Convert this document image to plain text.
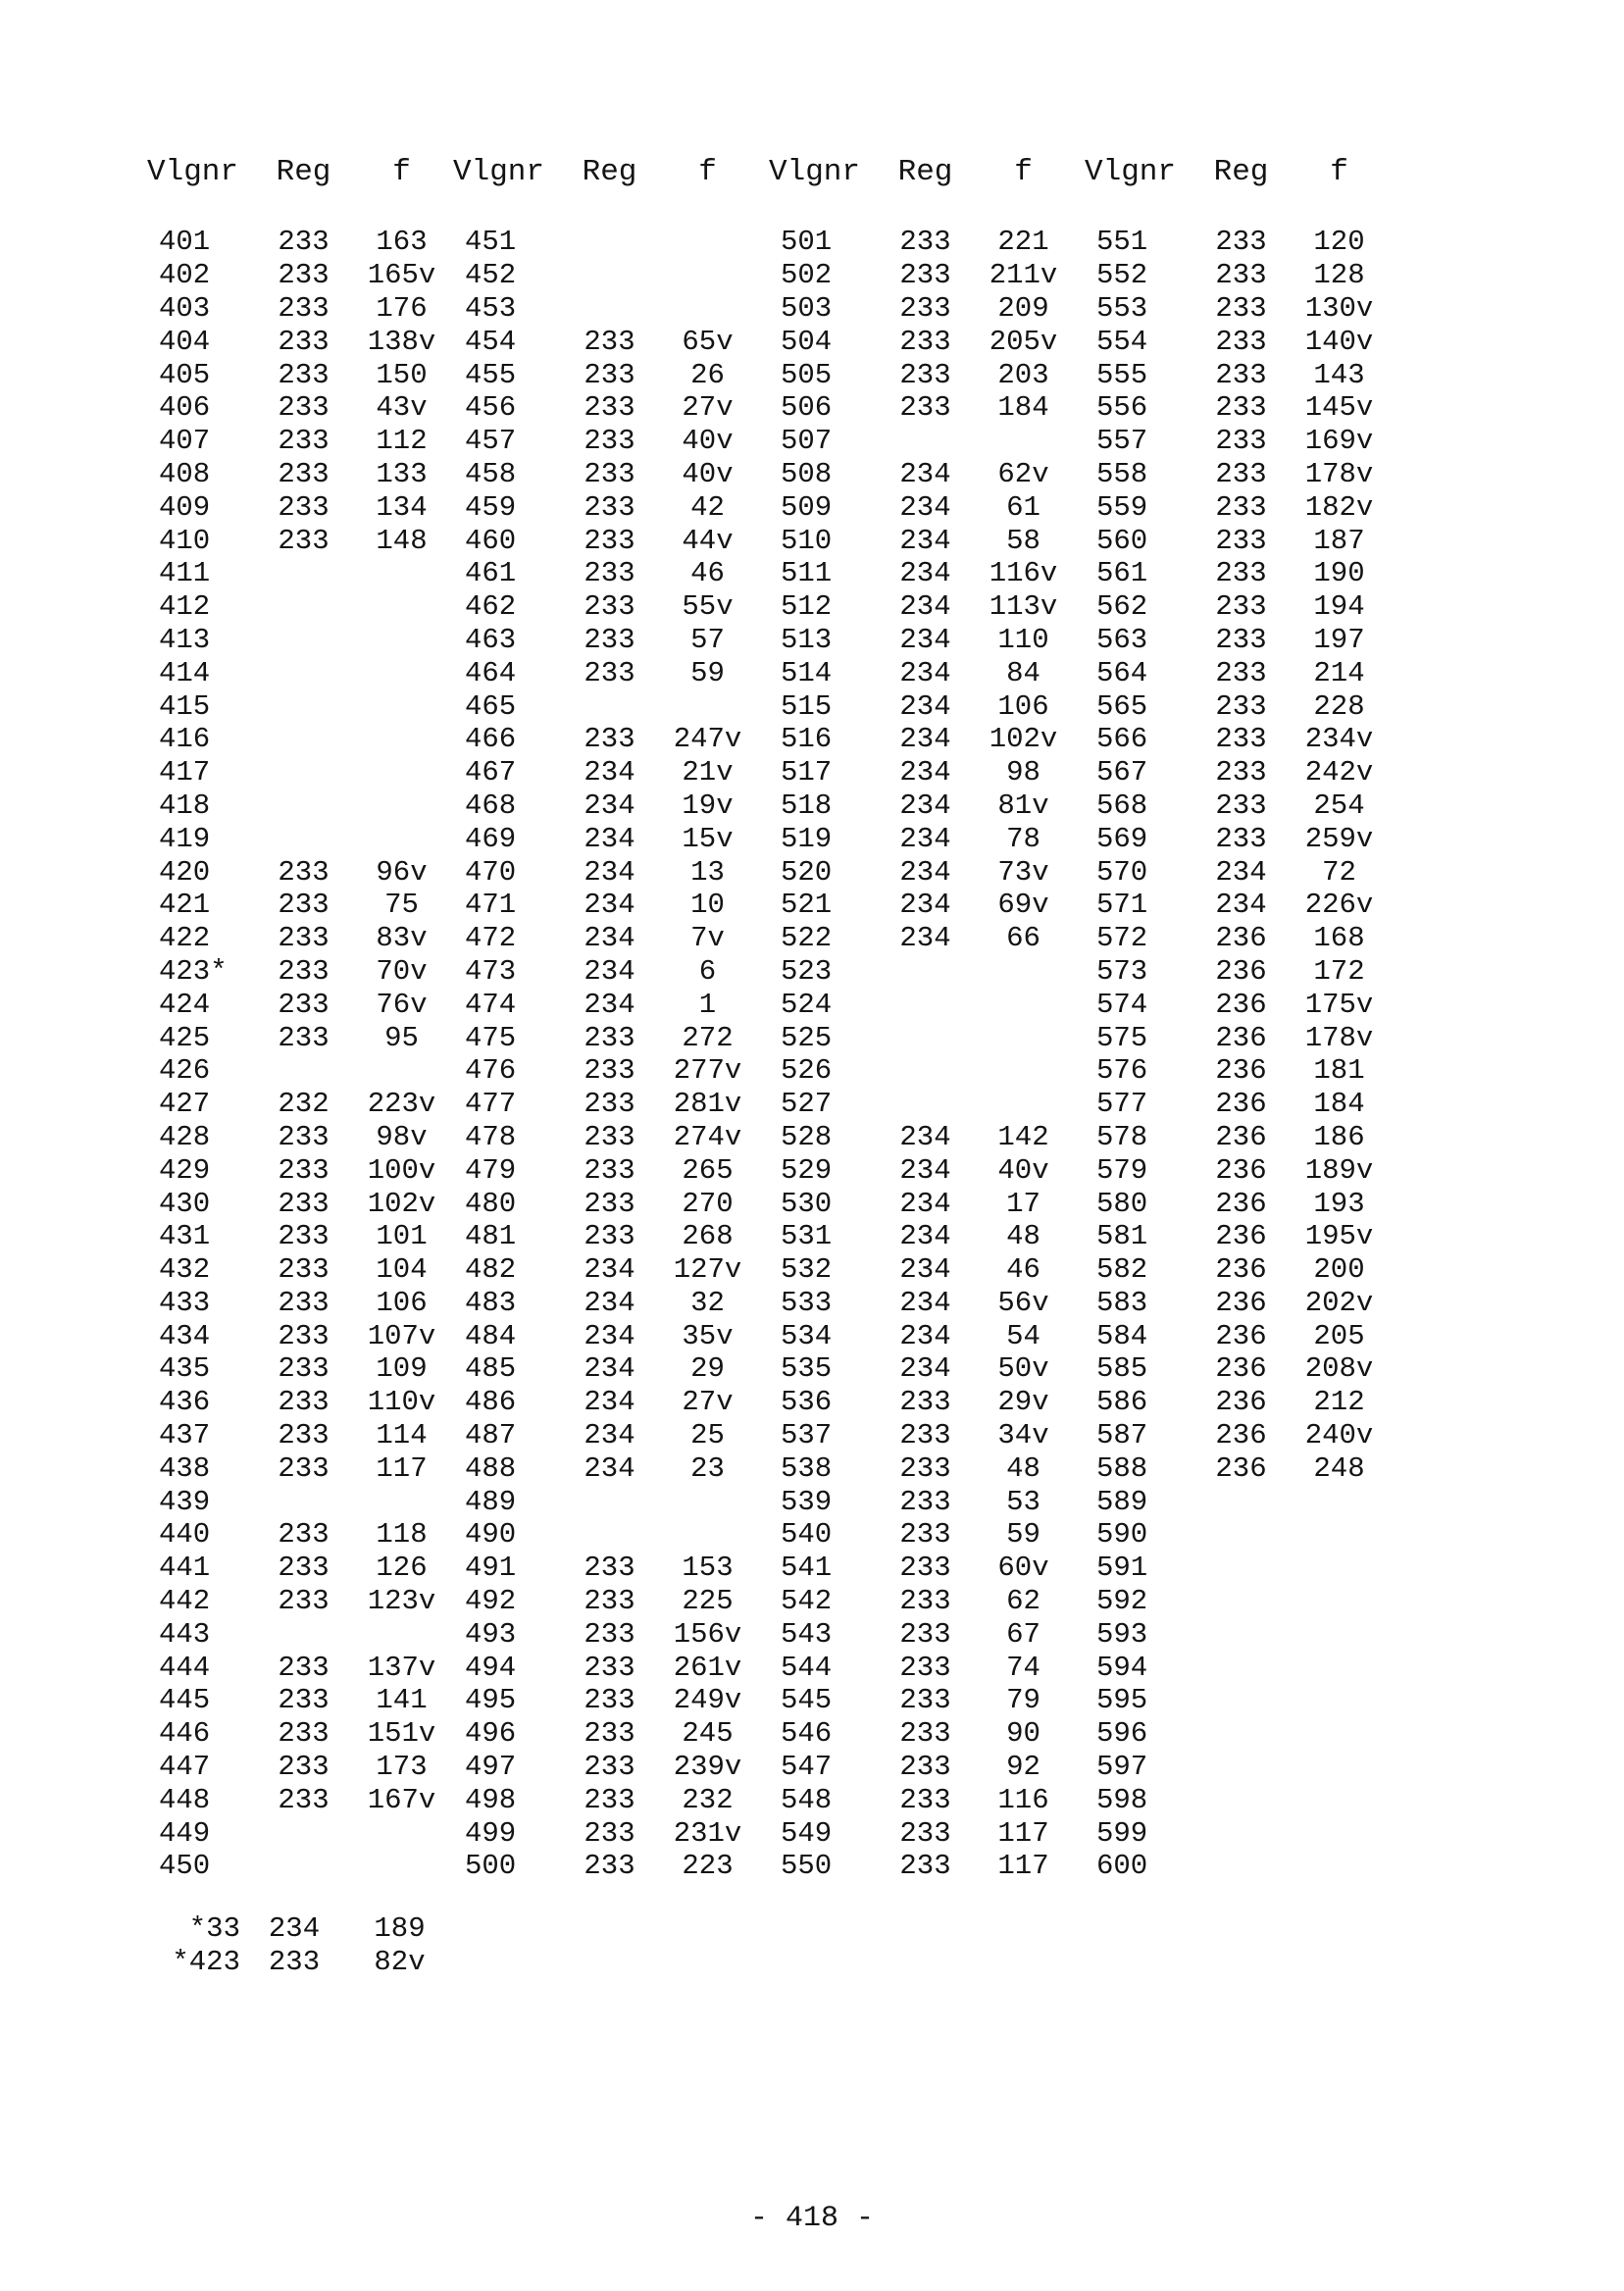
Vlgnr	Reg	f
401	233	163
402	233	165v
403	233	176
404	233	138v
405	233	150
406	233	43v
407	233	112
408	233	133
409	233	134
410	233	148
411
412
413
414
415
416
417
418
419
420	233	96v
421	233	75
422	233	83v
423*	233	70v
424	233	76v
425	233	95
426
427	232	223v
428	233	98v
429	233	100v
430	233	102v
431	233	101
432	233	104
433	233	106
434	233	107v
435	233	109
436	233	110v
437	233	114
438	233	117
439
440	233	118
441	233	126
442	233	123v
443
444	233	137v
445	233	141
446	233	151v
447	233	173
448	233	167v
449
450
Vlgnr	Reg	f
451
452
453
454	233	65v
455	233	26
456	233	27v
457	233	40v
458	233	40v
459	233	42
460	233	44v
461	233	46
462	233	55v
463	233	57
464	233	59
465
466	233	247v
467	234	21v
468	234	19v
469	234	15v
470	234	13
471	234	10
472	234	7v
473	234	6
474	234	1
475	233	272
476	233	277v
477	233	281v
478	233	274v
479	233	265
480	233	270
481	233	268
482	234	127v
483	234	32
484	234	35v
485	234	29
486	234	27v
487	234	25
488	234	23
489
490
491	233	153
492	233	225
493	233	156v
494	233	261v
495	233	249v
496	233	245
497	233	239v
498	233	232
499	233	231v
500	233	223
Vlgnr	Reg	f
501	233	221
502	233	211v
503	233	209
504	233	205v
505	233	203
506	233	184
507
508	234	62v
509	234	61
510	234	58
511	234	116v
512	234	113v
513	234	110
514	234	84
515	234	106
516	234	102v
517	234	98
518	234	81v
519	234	78
520	234	73v
521	234	69v
522	234	66
523
524
525
526
527
528	234	142
529	234	40v
530	234	17
531	234	48
532	234	46
533	234	56v
534	234	54
535	234	50v
536	233	29v
537	233	34v
538	233	48
539	233	53
540	233	59
541	233	60v
542	233	62
543	233	67
544	233	74
545	233	79
546	233	90
547	233	92
548	233	116
549	233	117
550	233	117
Vlgnr	Reg	f
551	233	120
552	233	128
553	233	130v
554	233	140v
555	233	143
556	233	145v
557	233	169v
558	233	178v
559	233	182v
560	233	187
561	233	190
562	233	194
563	233	197
564	233	214
565	233	228
566	233	234v
567	233	242v
568	233	254
569	233	259v
570	234	72
571	234	226v
572	236	168
573	236	172
574	236	175v
575	236	178v
576	236	181
577	236	184
578	236	186
579	236	189v
580	236	193
581	236	195v
582	236	200
583	236	202v
584	236	205
585	236	208v
586	236	212
587	236	240v
588	236	248
589
590
591
592
593
594
595
596
597
598
599
600
*33 234	189
*423 233	82v
- 418 -
